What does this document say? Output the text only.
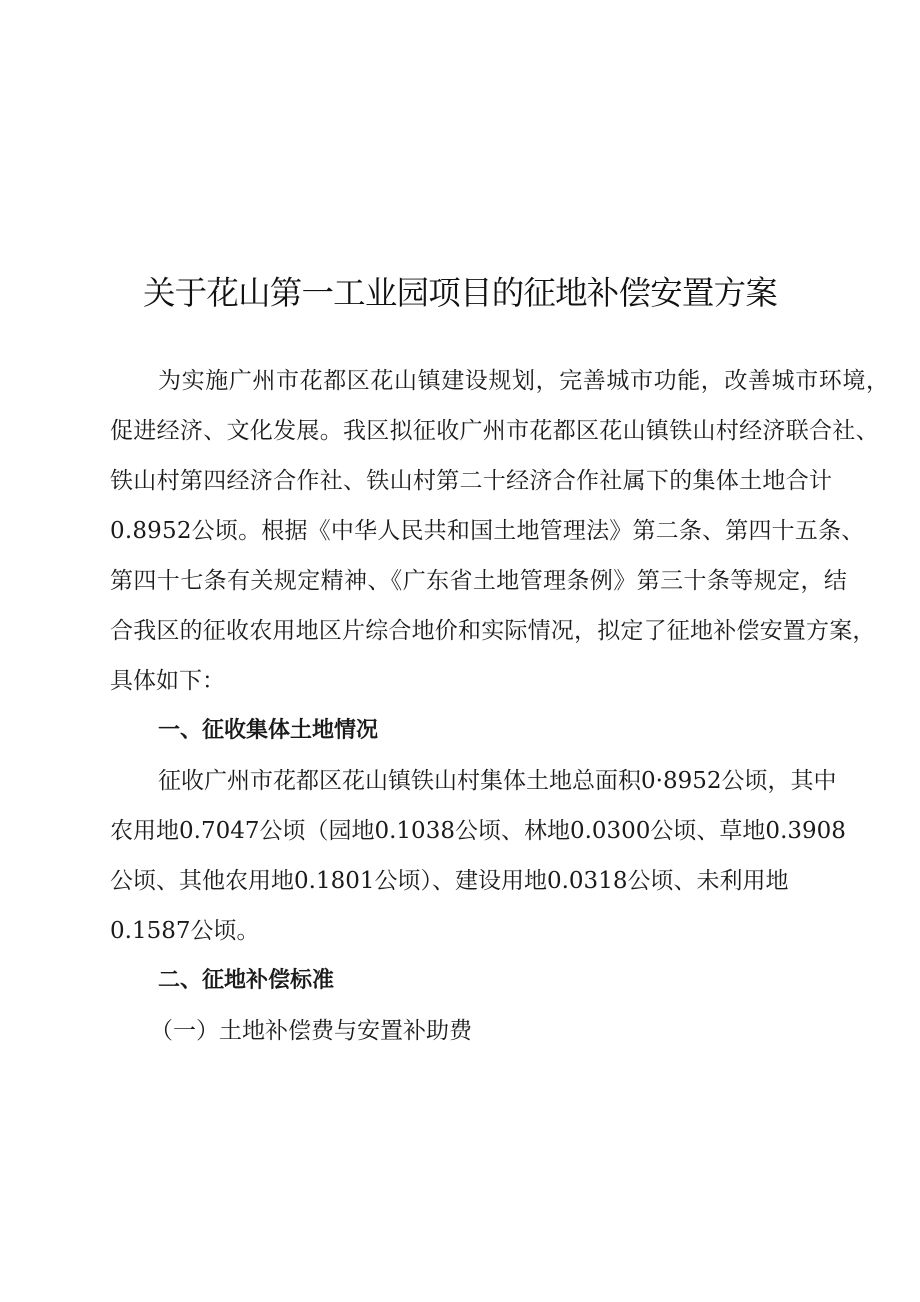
关于花山第一工业园项目的征地补偿安置方案

为实施广州市花都区花山镇建设规划，完善城市功能，改善城市环境，

促进经济、文化发展。我区拟征收广州市花都区花山镇铁山村经济联合社、

铁山村第四经济合作社、铁山村第二十经济合作社属下的集体土地合计

0.8952公顷。根据《中华人民共和国土地管理法》第二条、第四十五条、

第四十七条有关规定精神、《广东省土地管理条例》第三十条等规定，结

合我区的征收农用地区片综合地价和实际情况，拟定了征地补偿安置方案，

具体如下：

一、征收集体土地情况

征收广州市花都区花山镇铁山村集体土地总面积0·8952公顷，其中

农用地0.7047公顷（园地0.1038公顷、林地0.0300公顷、草地0.3908

公顷、其他农用地0.1801公顷）、建设用地0.0318公顷、未利用地

0.1587公顷。

二、征地补偿标准

（一）土地补偿费与安置补助费
